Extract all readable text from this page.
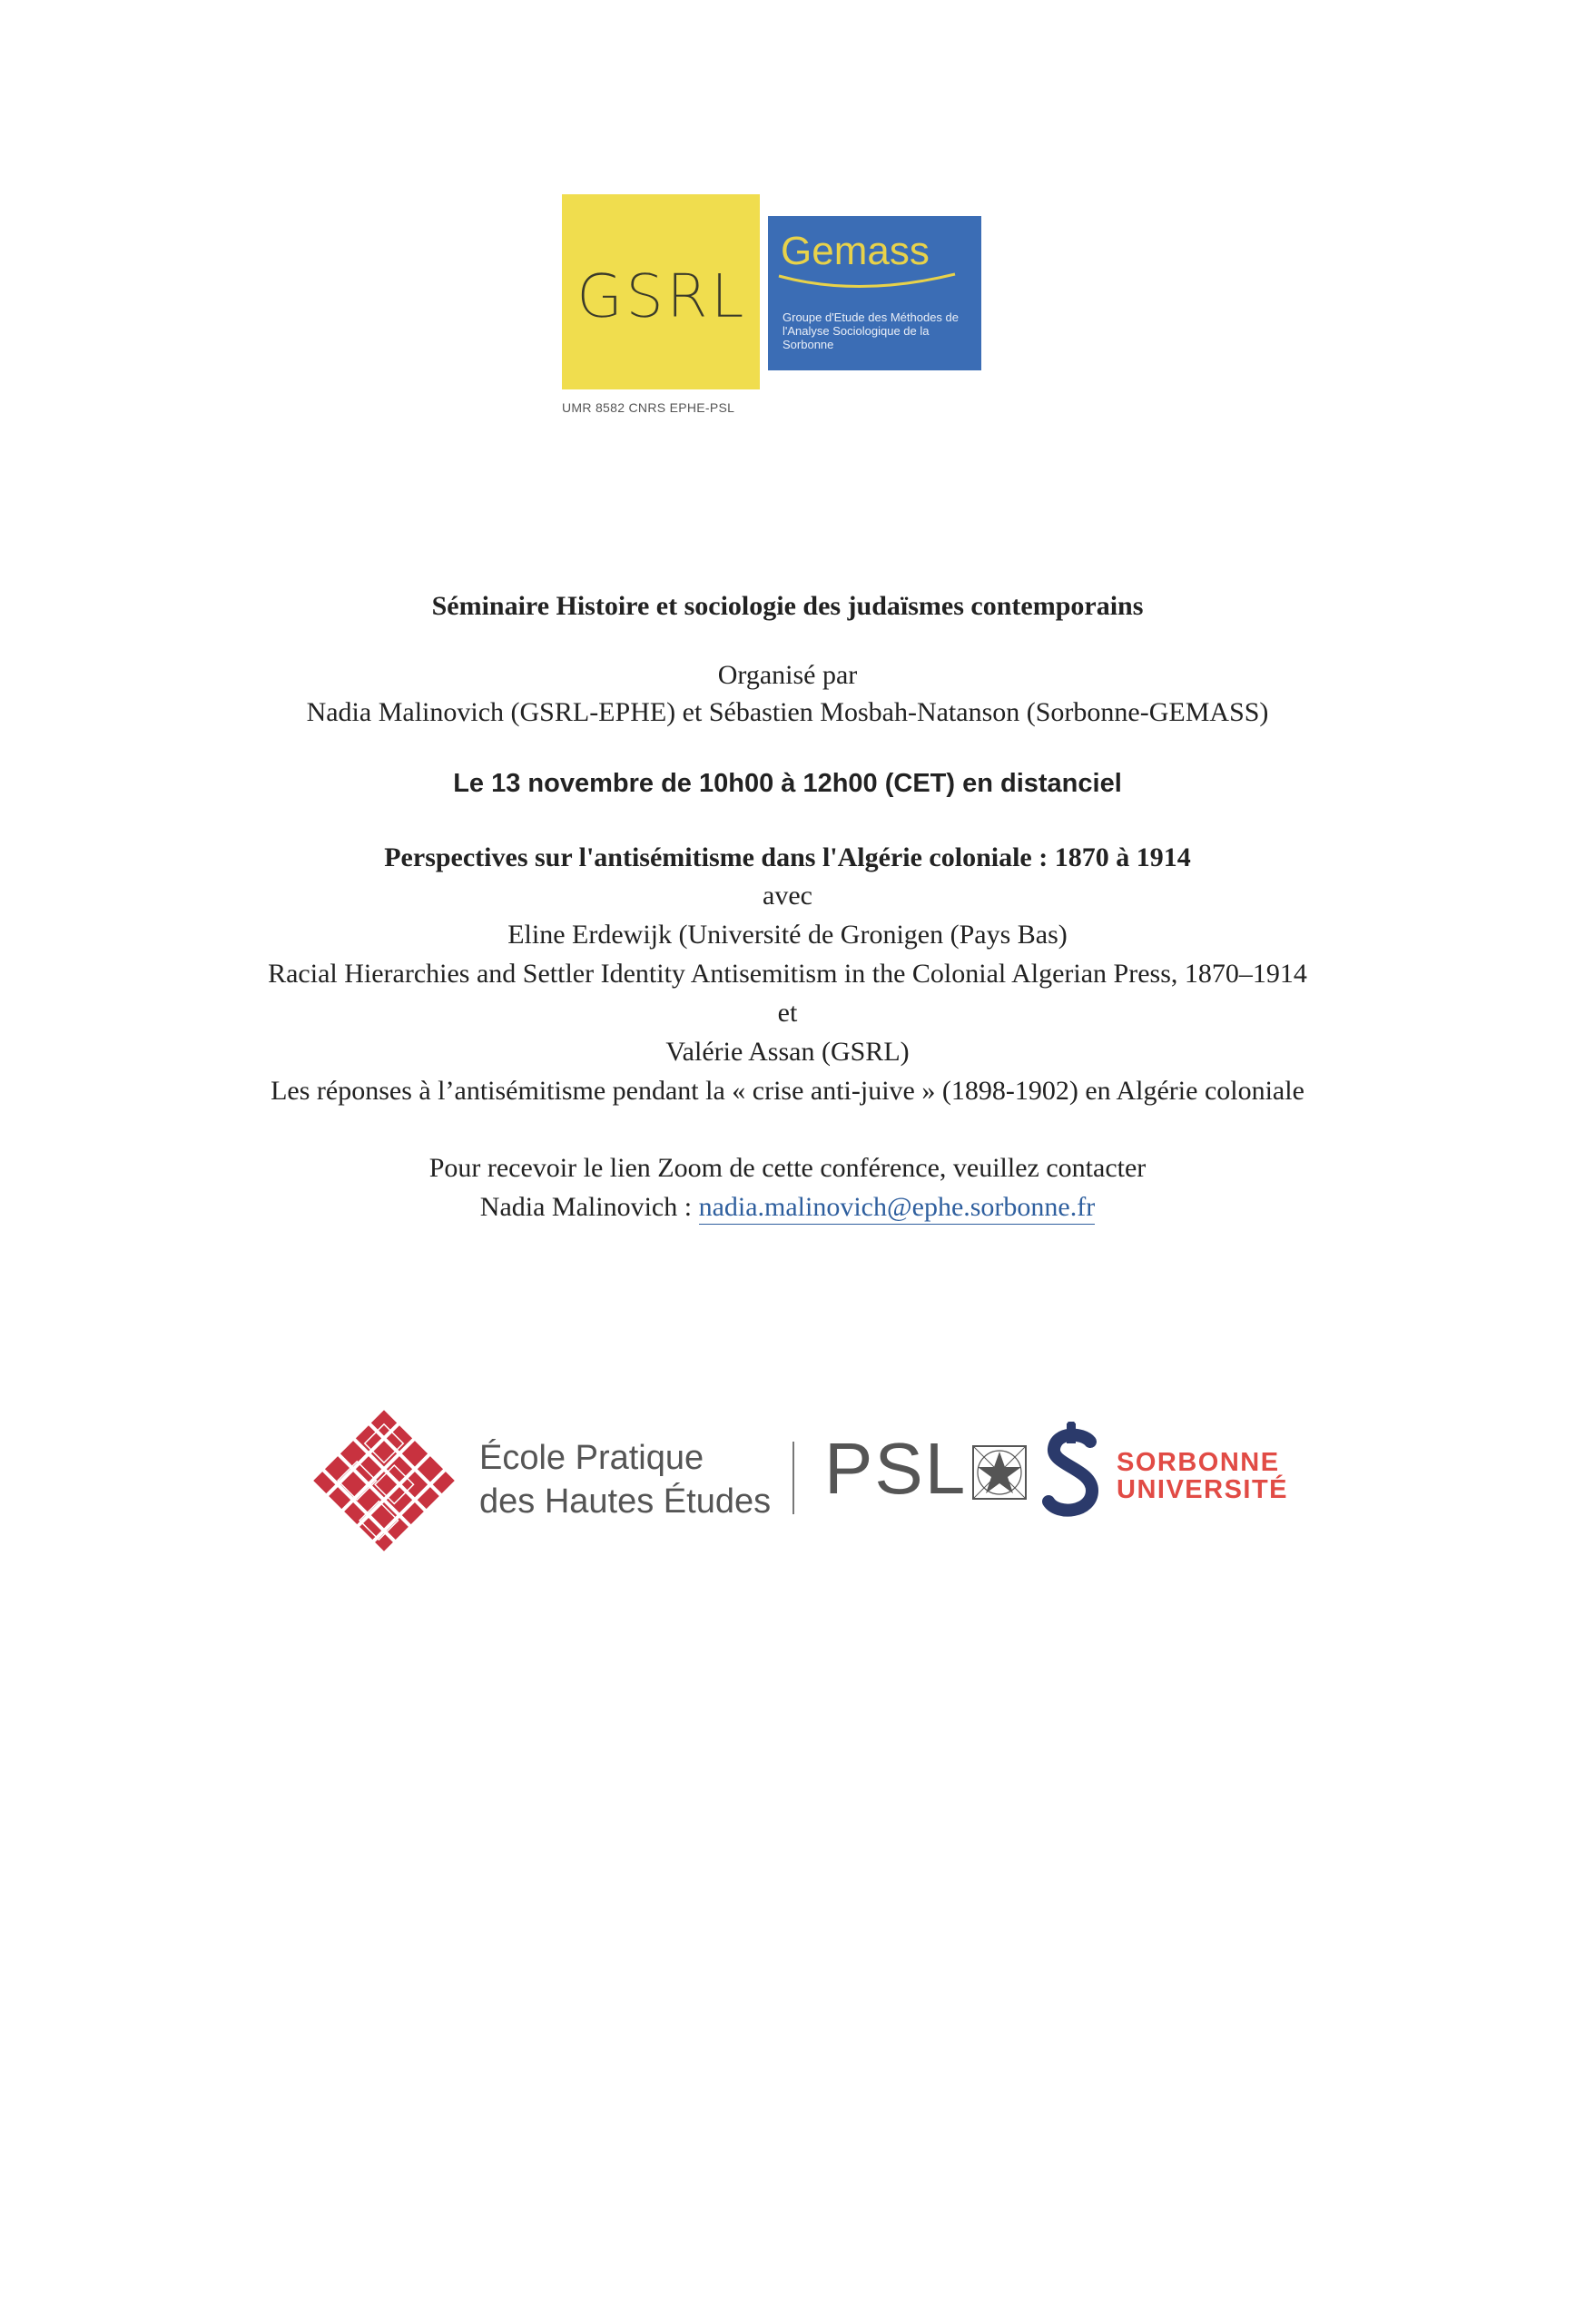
GSRL
UMR 8582 CNRS EPHE-PSL
Gemass
Groupe d'Etude des Méthodes de l'Analyse Sociologique de la Sorbonne
Séminaire Histoire et sociologie des judaïsmes contemporains
Organisé par
Nadia Malinovich (GSRL-EPHE) et Sébastien Mosbah-Natanson (Sorbonne-GEMASS)
Le 13 novembre de 10h00 à 12h00 (CET) en distanciel
Perspectives sur l'antisémitisme dans l'Algérie coloniale : 1870 à 1914
avec
Eline Erdewijk (Université de Gronigen (Pays Bas)
Racial Hierarchies and Settler Identity Antisemitism in the Colonial Algerian Press, 1870–1914
et
Valérie Assan (GSRL)
Les réponses à l’antisémitisme pendant la « crise anti-juive » (1898-1902) en Algérie coloniale
Pour recevoir le lien Zoom de cette conférence, veuillez contacter
Nadia Malinovich : nadia.malinovich@ephe.sorbonne.fr
École Pratique
des Hautes Études PSL	SORBONNE
UNIVERSITÉ
